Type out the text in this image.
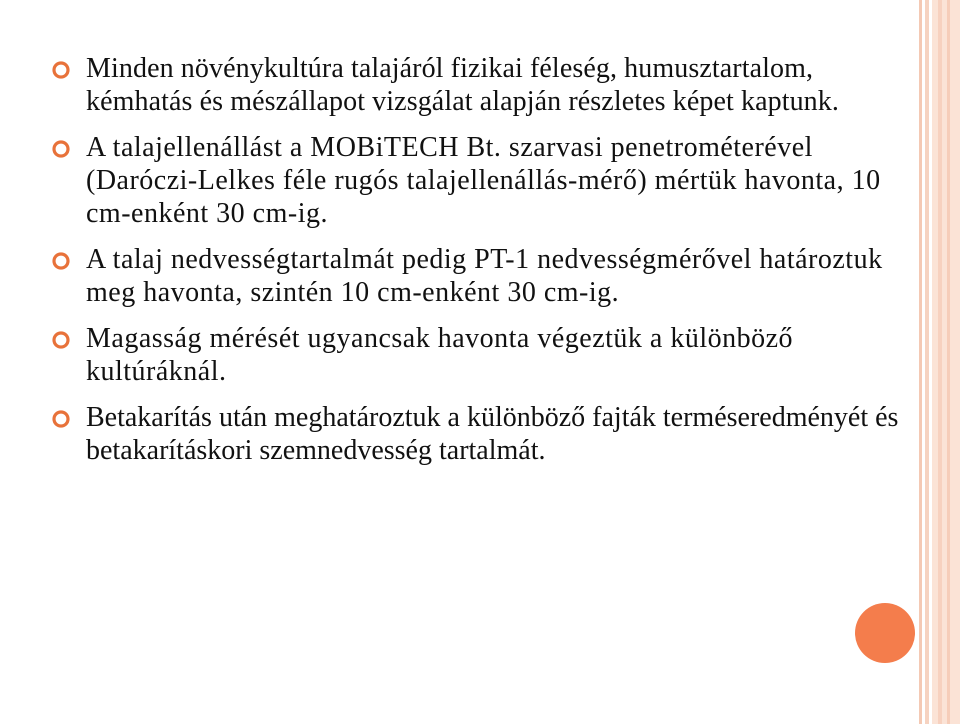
Minden növénykultúra talajáról fizikai féleség, humusztartalom, kémhatás és mészállapot vizsgálat alapján részletes képet kaptunk.
A talajellenállást a MOBiTECH Bt. szarvasi penetrométerével (Daróczi-Lelkes féle rugós talajellenállás-mérő) mértük havonta, 10 cm-enként 30 cm-ig.
A talaj nedvességtartalmát pedig PT-1 nedvességmérővel határoztuk meg havonta, szintén 10 cm-enként 30 cm-ig.
Magasság mérését ugyancsak havonta végeztük a különböző kultúráknál.
Betakarítás után meghatároztuk a különböző fajták terméseredményét és betakarításkori szemnedvesség tartalmát.
